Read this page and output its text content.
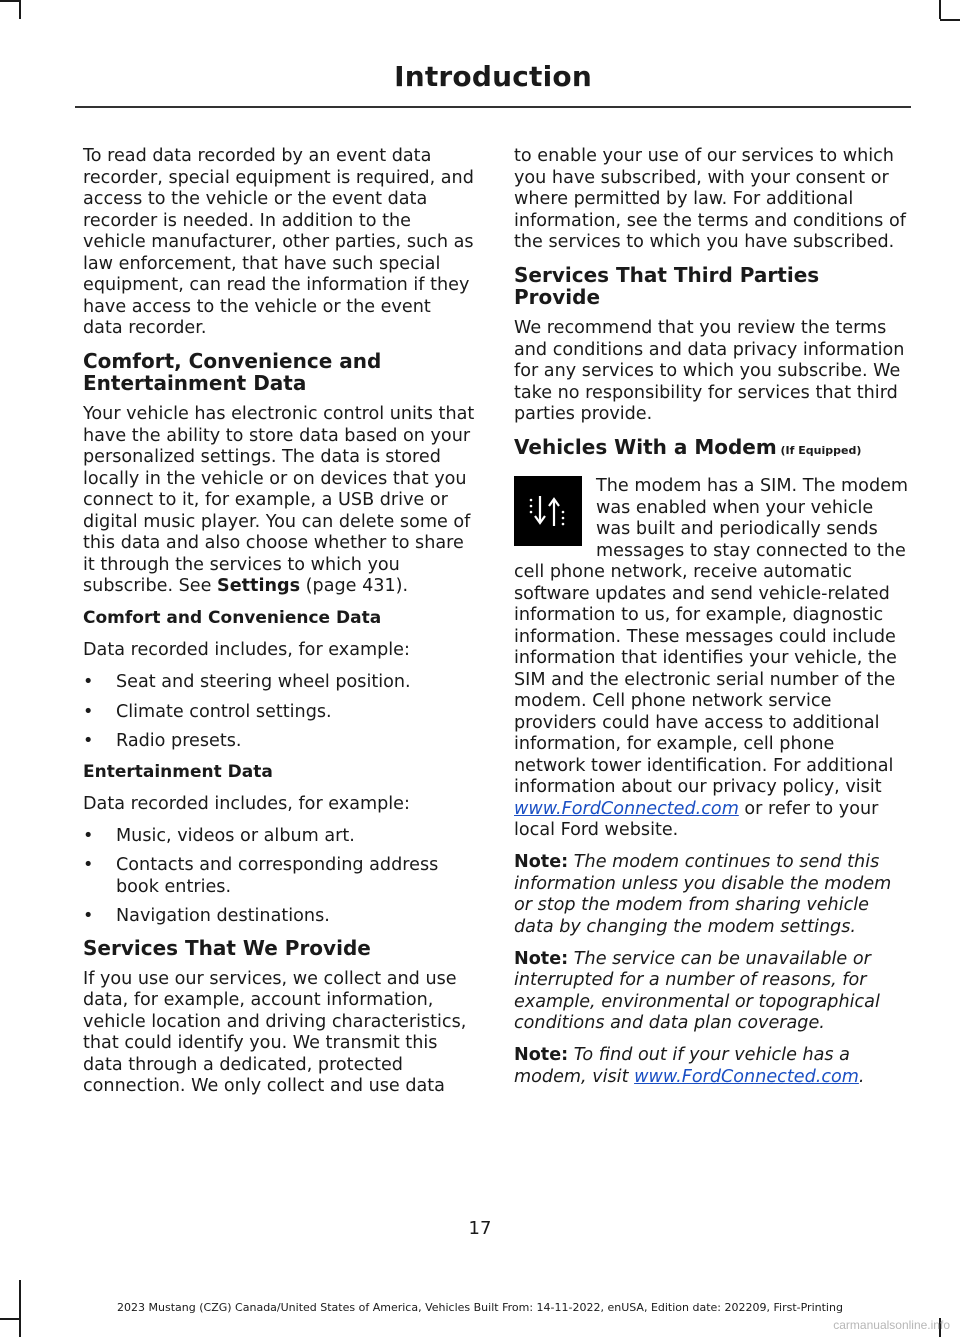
Introduction

To read data recorded by an event data recorder, special equipment is required, and access to the vehicle or the event data recorder is needed. In addition to the vehicle manufacturer, other parties, such as law enforcement, that have such special equipment, can read the information if they have access to the vehicle or the event data recorder.

Comfort, Convenience and Entertainment Data

Your vehicle has electronic control units that have the ability to store data based on your personalized settings. The data is stored locally in the vehicle or on devices that you connect to it, for example, a USB drive or digital music player. You can delete some of this data and also choose whether to share it through the services to which you subscribe. See Settings (page 431).

Comfort and Convenience Data

Data recorded includes, for example:

• Seat and steering wheel position.
• Climate control settings.
• Radio presets.
Entertainment Data

Data recorded includes, for example:

• Music, videos or album art.
• Contacts and corresponding address book entries.
• Navigation destinations.
Services That We Provide

If you use our services, we collect and use data, for example, account information, vehicle location and driving characteristics, that could identify you. We transmit this data through a dedicated, protected connection. We only collect and use data

to enable your use of our services to which you have subscribed, with your consent or where permitted by law. For additional information, see the terms and conditions of the services to which you have subscribed.

Services That Third Parties Provide

We recommend that you review the terms and conditions and data privacy information for any services to which you subscribe. We take no responsibility for services that third parties provide.

Vehicles With a Modem (If Equipped)

The modem has a SIM. The modem was enabled when your vehicle was built and periodically sends messages to stay connected to the cell phone network, receive automatic software updates and send vehicle-related information to us, for example, diagnostic information. These messages could include information that identifies your vehicle, the SIM and the electronic serial number of the modem. Cell phone network service providers could have access to additional information, for example, cell phone network tower identification. For additional information about our privacy policy, visit www.FordConnected.com or refer to your local Ford website.

Note: The modem continues to send this information unless you disable the modem or stop the modem from sharing vehicle data by changing the modem settings.

Note: The service can be unavailable or interrupted for a number of reasons, for example, environmental or topographical conditions and data plan coverage.

Note: To find out if your vehicle has a modem, visit www.FordConnected.com.

17
2023 Mustang (CZG) Canada/United States of America, Vehicles Built From: 14-11-2022, enUSA, Edition date: 202209, First-Printing
carmanualsonline.info
